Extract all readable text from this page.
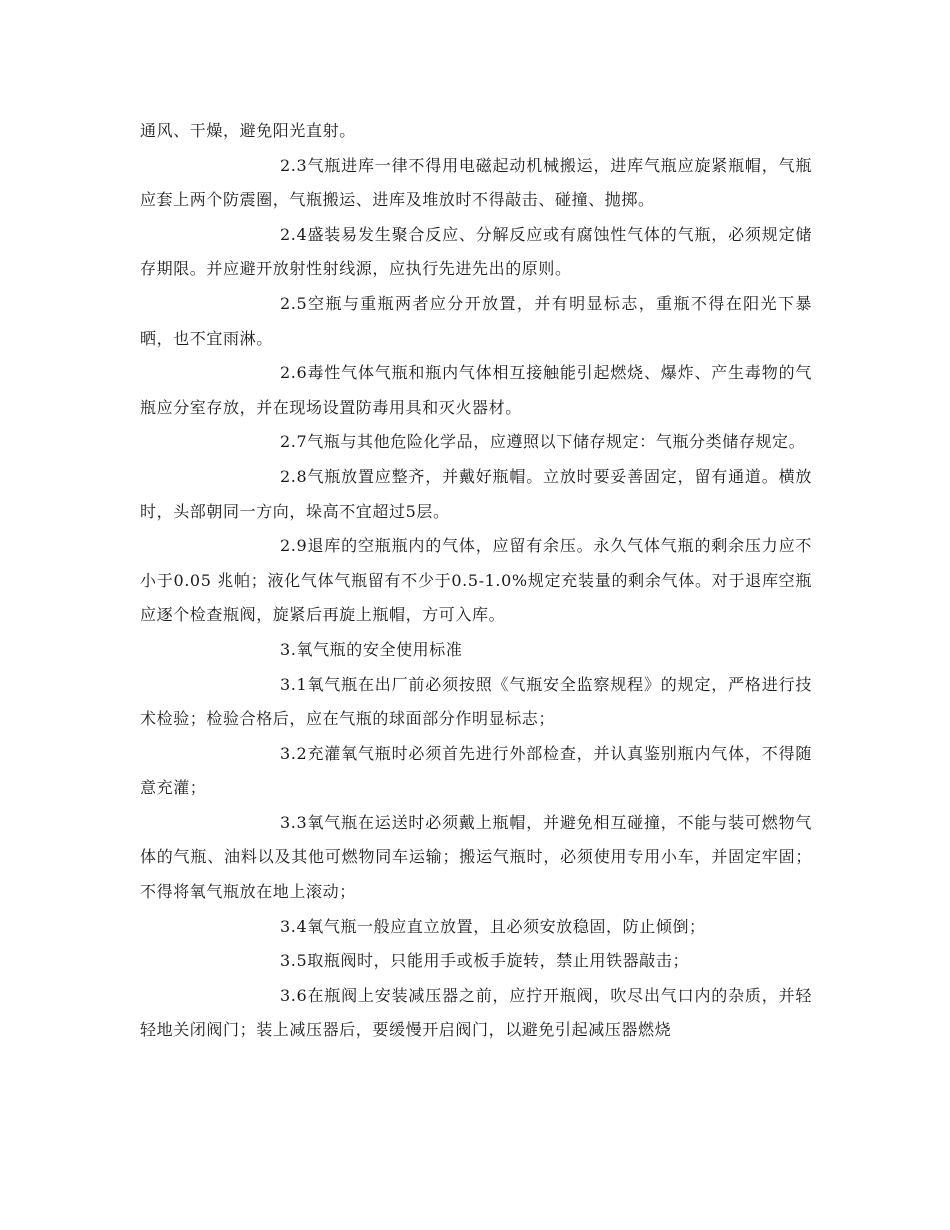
通风、干燥，避免阳光直射。

2.3气瓶进库一律不得用电磁起动机械搬运，进库气瓶应旋紧瓶帽，气瓶应套上两个防震圈，气瓶搬运、进库及堆放时不得敲击、碰撞、抛掷。

2.4盛装易发生聚合反应、分解反应或有腐蚀性气体的气瓶，必须规定储存期限。并应避开放射性射线源，应执行先进先出的原则。

2.5空瓶与重瓶两者应分开放置，并有明显标志，重瓶不得在阳光下暴晒，也不宜雨淋。

2.6毒性气体气瓶和瓶内气体相互接触能引起燃烧、爆炸、产生毒物的气瓶应分室存放，并在现场设置防毒用具和灭火器材。

2.7气瓶与其他危险化学品，应遵照以下储存规定：气瓶分类储存规定。

2.8气瓶放置应整齐，并戴好瓶帽。立放时要妥善固定，留有通道。横放时，头部朝同一方向，垛高不宜超过5层。

2.9退库的空瓶瓶内的气体，应留有余压。永久气体气瓶的剩余压力应不小于0.05 兆帕；液化气体气瓶留有不少于0.5-1.0%规定充装量的剩余气体。对于退库空瓶应逐个检查瓶阀，旋紧后再旋上瓶帽，方可入库。

3.氧气瓶的安全使用标准

3.1氧气瓶在出厂前必须按照《气瓶安全监察规程》的规定，严格进行技术检验；检验合格后，应在气瓶的球面部分作明显标志；

3.2充灌氧气瓶时必须首先进行外部检查，并认真鉴别瓶内气体，不得随意充灌；

3.3氧气瓶在运送时必须戴上瓶帽，并避免相互碰撞，不能与装可燃物气体的气瓶、油料以及其他可燃物同车运输；搬运气瓶时，必须使用专用小车，并固定牢固；不得将氧气瓶放在地上滚动；

3.4氧气瓶一般应直立放置，且必须安放稳固，防止倾倒；

3.5取瓶阀时，只能用手或板手旋转，禁止用铁器敲击；

3.6在瓶阀上安装减压器之前，应拧开瓶阀，吹尽出气口内的杂质，并轻轻地关闭阀门；装上减压器后，要缓慢开启阀门，以避免引起减压器燃烧
